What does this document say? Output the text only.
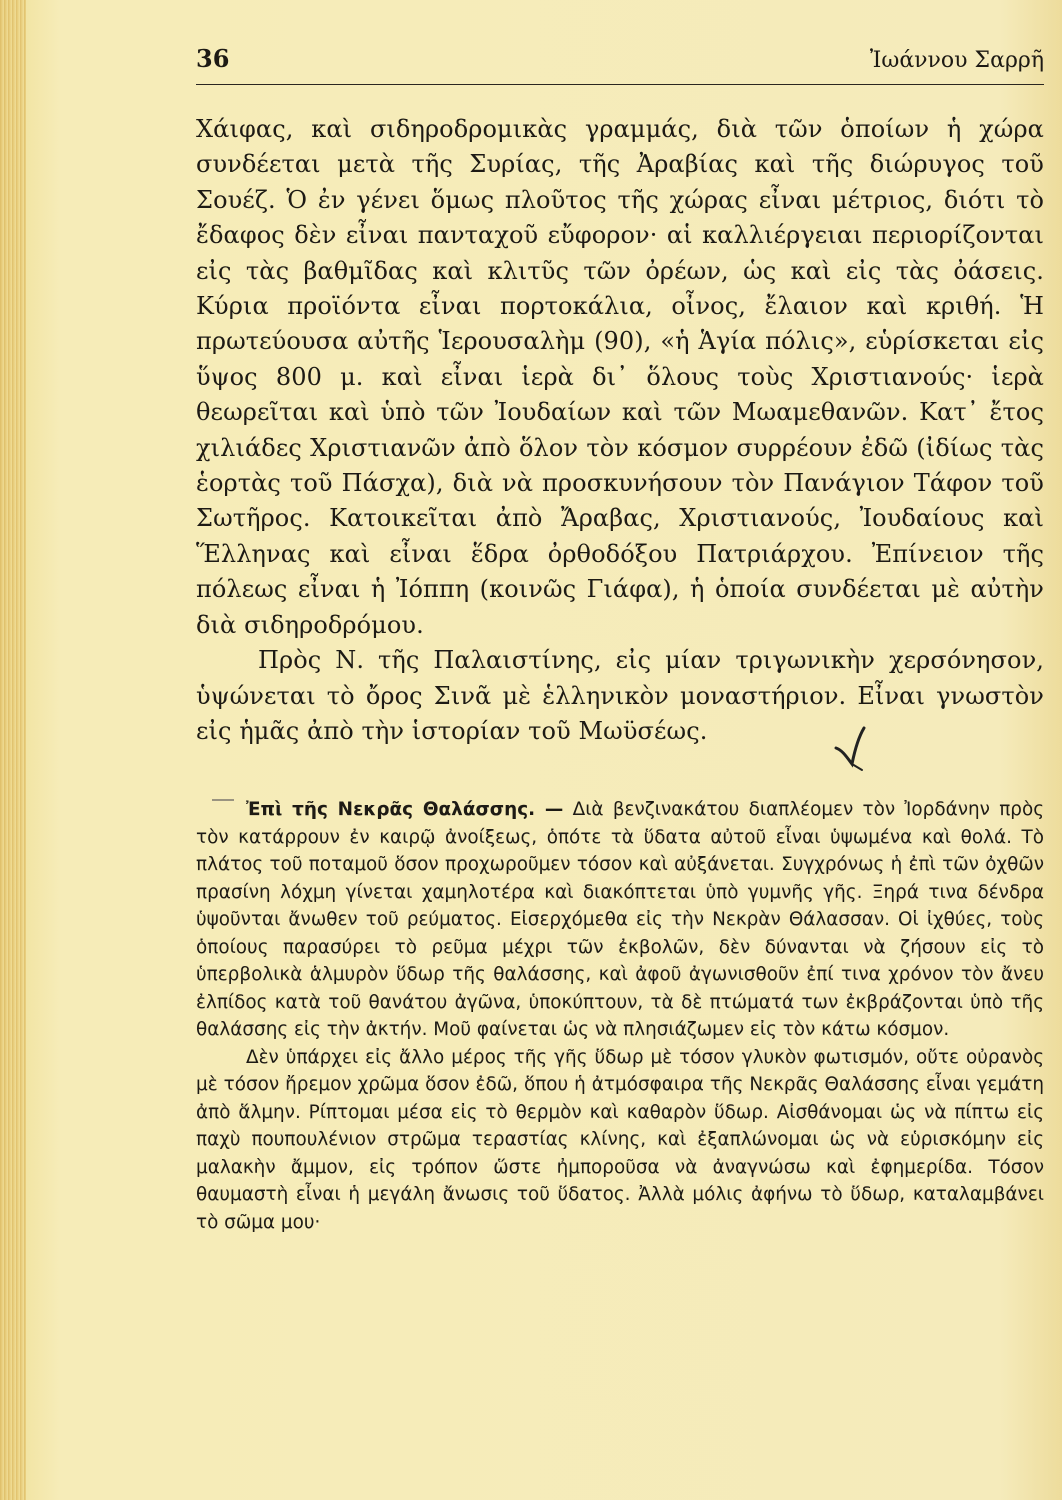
36	Ἰωάννου Σαρρῆ

Χάιφας, καὶ σιδηροδρομικὰς γραμμάς, διὰ τῶν ὁποίων ἡ χώρα συνδέεται μετὰ τῆς Συρίας, τῆς Ἀραβίας καὶ τῆς διώρυγος τοῦ Σουέζ. Ὁ ἐν γένει ὅμως πλοῦτος τῆς χώρας εἶναι μέτριος, διότι τὸ ἔδαφος δὲν εἶναι πανταχοῦ εὔφορον· αἱ καλλιέργειαι περιορίζονται εἰς τὰς βαθμῖδας καὶ κλιτῦς τῶν ὀρέων, ὡς καὶ εἰς τὰς ὀάσεις. Κύρια προϊόντα εἶναι πορτοκάλια, οἶνος, ἔλαιον καὶ κριθή. Ἡ πρωτεύουσα αὐτῆς Ἱερουσαλὴμ (90), «ἡ Ἁγία πόλις», εὑρίσκεται εἰς ὕψος 800 μ. καὶ εἶναι ἱερὰ δι᾽ ὅλους τοὺς Χριστιανούς· ἱερὰ θεωρεῖται καὶ ὑπὸ τῶν Ἰουδαίων καὶ τῶν Μωαμεθανῶν. Κατ᾽ ἔτος χιλιάδες Χριστιανῶν ἀπὸ ὅλον τὸν κόσμον συρρέουν ἐδῶ (ἰδίως τὰς ἑορτὰς τοῦ Πάσχα), διὰ νὰ προσκυνήσουν τὸν Πανάγιον Τάφον τοῦ Σωτῆρος. Κατοικεῖται ἀπὸ Ἄραβας, Χριστιανούς, Ἰουδαίους καὶ Ἕλληνας καὶ εἶναι ἕδρα ὀρθοδόξου Πατριάρχου. Ἐπίνειον τῆς πόλεως εἶναι ἡ Ἰόππη (κοινῶς Γιάφα), ἡ ὁποία συνδέεται μὲ αὐτὴν διὰ σιδηροδρόμου.

Πρὸς Ν. τῆς Παλαιστίνης, εἰς μίαν τριγωνικὴν χερσόνησον, ὑψώνεται τὸ ὄρος Σινᾶ μὲ ἑλληνικὸν μοναστήριον. Εἶναι γνωστὸν εἰς ἡμᾶς ἀπὸ τὴν ἱστορίαν τοῦ Μωϋσέως.

Ἐπὶ τῆς Νεκρᾶς Θαλάσσης. — Διὰ βενζινακάτου διαπλέομεν τὸν Ἰορδάνην πρὸς τὸν κατάρρουν ἐν καιρῷ ἀνοίξεως, ὁπότε τὰ ὕδατα αὐτοῦ εἶναι ὑψωμένα καὶ θολά. Τὸ πλάτος τοῦ ποταμοῦ ὅσον προχωροῦμεν τόσον καὶ αὐξάνεται. Συγχρόνως ἡ ἐπὶ τῶν ὀχθῶν πρασίνη λόχμη γίνεται χαμηλοτέρα καὶ διακόπτεται ὑπὸ γυμνῆς γῆς. Ξηρά τινα δένδρα ὑψοῦνται ἄνωθεν τοῦ ρεύματος. Εἰσερχόμεθα εἰς τὴν Νεκρὰν Θάλασσαν. Οἱ ἰχθύες, τοὺς ὁποίους παρασύρει τὸ ρεῦμα μέχρι τῶν ἐκβολῶν, δὲν δύνανται νὰ ζήσουν εἰς τὸ ὑπερβολικὰ ἁλμυρὸν ὕδωρ τῆς θαλάσσης, καὶ ἀφοῦ ἀγωνισθοῦν ἐπί τινα χρόνον τὸν ἄνευ ἐλπίδος κατὰ τοῦ θανάτου ἀγῶνα, ὑποκύπτουν, τὰ δὲ πτώματά των ἐκβράζονται ὑπὸ τῆς θαλάσσης εἰς τὴν ἀκτήν. Μοῦ φαίνεται ὡς νὰ πλησιάζωμεν εἰς τὸν κάτω κόσμον.

Δὲν ὑπάρχει εἰς ἄλλο μέρος τῆς γῆς ὕδωρ μὲ τόσον γλυκὸν φωτισμόν, οὔτε οὐρανὸς μὲ τόσον ἤρεμον χρῶμα ὅσον ἐδῶ, ὅπου ἡ ἀτμόσφαιρα τῆς Νεκρᾶς Θαλάσσης εἶναι γεμάτη ἀπὸ ἅλμην. Ρίπτομαι μέσα εἰς τὸ θερμὸν καὶ καθαρὸν ὕδωρ. Αἰσθάνομαι ὡς νὰ πίπτω εἰς παχὺ πουπουλένιον στρῶμα τεραστίας κλίνης, καὶ ἐξαπλώνομαι ὡς νὰ εὑρισκόμην εἰς μαλακὴν ἄμμον, εἰς τρόπον ὥστε ἠμποροῦσα νὰ ἀναγνώσω καὶ ἐφημερίδα. Τόσον θαυμαστὴ εἶναι ἡ μεγάλη ἄνωσις τοῦ ὕδατος. Ἀλλὰ μόλις ἀφήνω τὸ ὕδωρ, καταλαμβάνει τὸ σῶμα μου·
